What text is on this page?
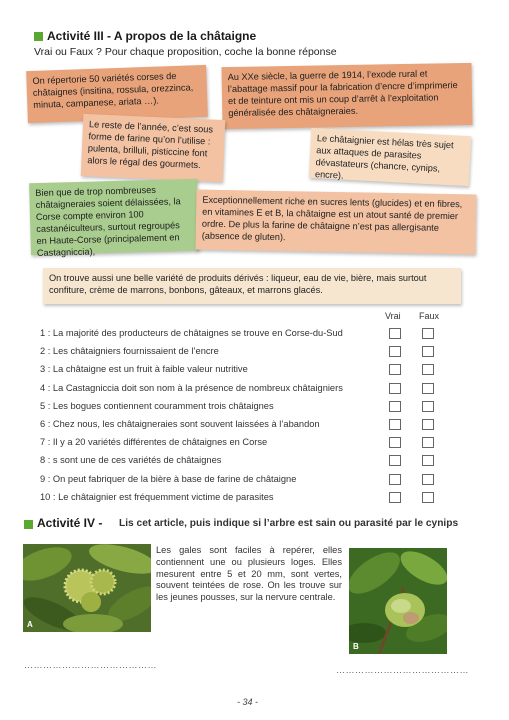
Activité III - A propos de la châtaigne
Vrai ou Faux ? Pour chaque proposition, coche la bonne réponse
On répertorie 50 variétés corses de châtaignes (insitina, rossula, orezzinca, minuta, campanese, ariata …).
Au XXe siècle, la guerre de 1914, l’exode rural et l’abattage massif pour la fabrication d’encre d’imprimerie et de teinture ont mis un coup d’arrêt à l’exploitation généralisée des châtaigneraies.
Le reste de l’année, c’est sous forme de farine qu’on l’utilise : pulenta, brilluli, pisticcine font alors le régal des gourmets.
Le châtaignier est hélas très sujet aux attaques de parasites dévastateurs (chancre, cynips, encre).
Bien que de trop nombreuses châtaigneraies soient délaissées, la Corse compte environ 100 castanéiculteurs, surtout regroupés en Haute-Corse (principalement en Castagniccia),
Exceptionnellement riche en sucres lents (glucides) et en fibres, en vitamines E et B, la châtaigne est un atout santé de premier ordre. De plus la farine de châtaigne n’est pas allergisante (absence de gluten).
On trouve aussi une belle variété de produits dérivés : liqueur, eau de vie, bière, mais surtout confiture, crème de marrons, bonbons, gâteaux, et marrons glacés.
Vrai Faux
1 : La majorité des producteurs de châtaignes se trouve en Corse-du-Sud
2 : Les châtaigniers fournissaient de l’encre
3 : La châtaigne est un fruit à faible valeur nutritive
4 : La Castagniccia doit son nom à la présence de nombreux châtaigniers
5 : Les bogues contiennent couramment trois châtaignes
6 : Chez nous, les châtaigneraies sont souvent laissées à l’abandon
7 : Il y a 20 variétés différentes de châtaignes en Corse
8 : s sont une de ces variétés de châtaignes
9 : On peut fabriquer de la bière à base de farine de châtaigne
10 : Le châtaignier est fréquemment victime de parasites
Activité IV - Lis cet article, puis indique si l’arbre est sain ou parasité par le cynips
A
Les gales sont faciles à repérer, elles contiennent une ou plusieurs loges. Elles mesurent entre 5 et 20 mm, sont vertes, souvent teintées de rose. On les trouve sur les jeunes pousses, sur la nervure centrale.
B
……………………………………	……………………………………
- 34 -
